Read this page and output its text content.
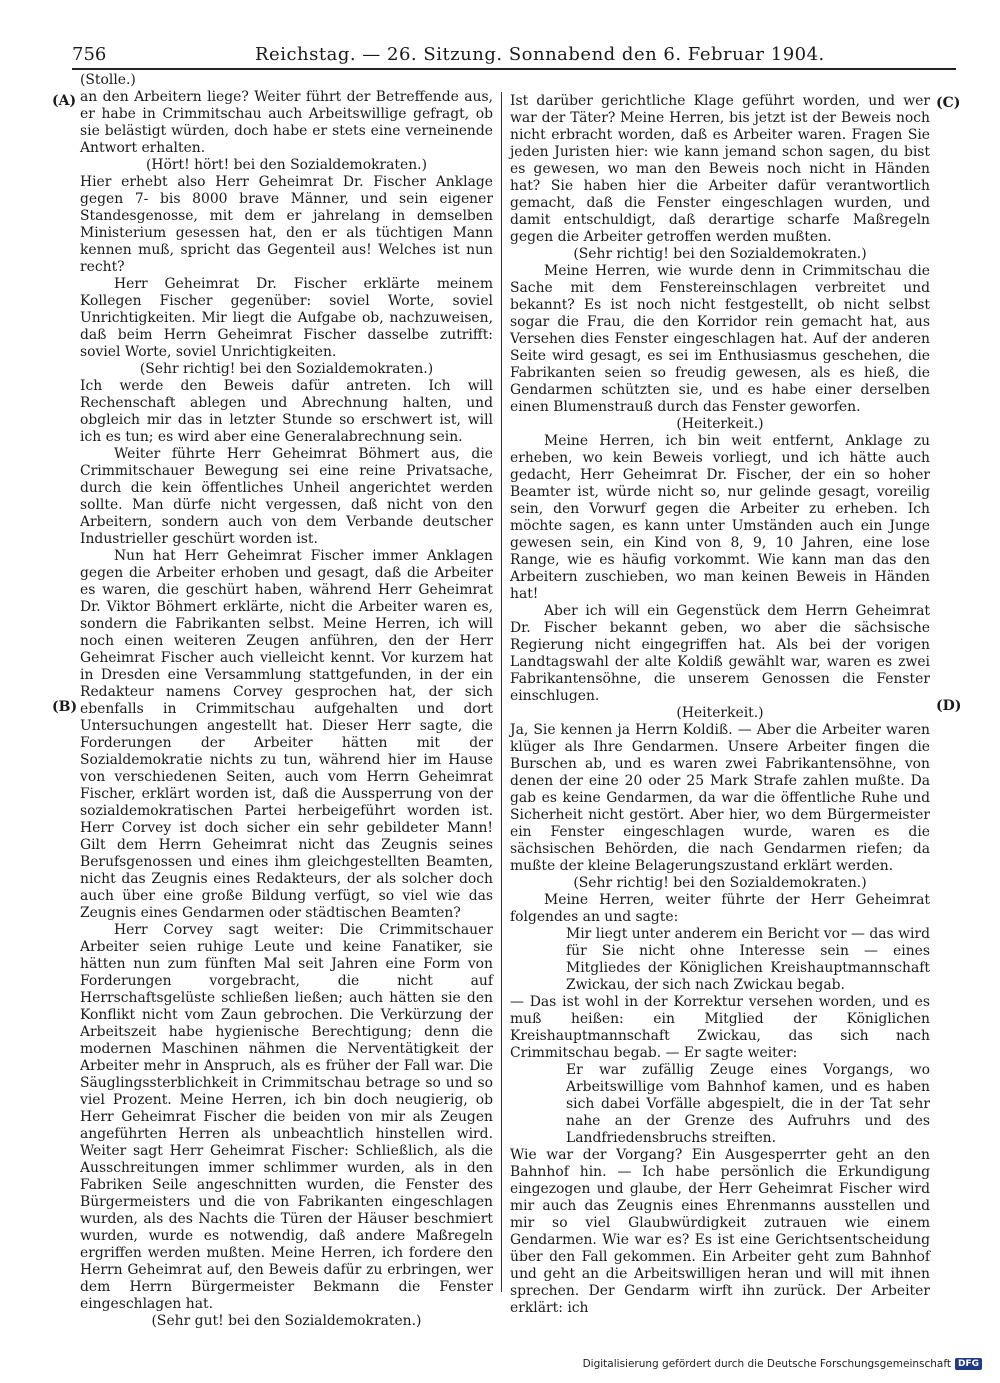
756	Reichstag. — 26. Sitzung. Sonnabend den 6. Februar 1904.
(A)
(B)
(C)
(D)

(Stolle.)

an den Arbeitern liege? Weiter führt der Betreffende aus, er habe in Crimmitschau auch Arbeitswillige gefragt, ob sie belästigt würden, doch habe er stets eine verneinende Antwort erhalten.

(Hört! hört! bei den Sozialdemokraten.)

Hier erhebt also Herr Geheimrat Dr. Fischer Anklage gegen 7- bis 8000 brave Männer, und sein eigener Standesgenosse, mit dem er jahrelang in demselben Ministerium gesessen hat, den er als tüchtigen Mann kennen muß, spricht das Gegenteil aus! Welches ist nun recht?

Herr Geheimrat Dr. Fischer erklärte meinem Kollegen Fischer gegenüber: soviel Worte, soviel Unrichtigkeiten. Mir liegt die Aufgabe ob, nachzuweisen, daß beim Herrn Geheimrat Fischer dasselbe zutrifft: soviel Worte, soviel Unrichtigkeiten.

(Sehr richtig! bei den Sozialdemokraten.)

Ich werde den Beweis dafür antreten. Ich will Rechenschaft ablegen und Abrechnung halten, und obgleich mir das in letzter Stunde so erschwert ist, will ich es tun; es wird aber eine Generalabrechnung sein.

Weiter führte Herr Geheimrat Böhmert aus, die Crimmitschauer Bewegung sei eine reine Privatsache, durch die kein öffentliches Unheil angerichtet werden sollte. Man dürfe nicht vergessen, daß nicht von den Arbeitern, sondern auch von dem Verbande deutscher Industrieller geschürt worden ist.

Nun hat Herr Geheimrat Fischer immer Anklagen gegen die Arbeiter erhoben und gesagt, daß die Arbeiter es waren, die geschürt haben, während Herr Geheimrat Dr. Viktor Böhmert erklärte, nicht die Arbeiter waren es, sondern die Fabrikanten selbst. Meine Herren, ich will noch einen weiteren Zeugen anführen, den der Herr Geheimrat Fischer auch vielleicht kennt. Vor kurzem hat in Dresden eine Versammlung stattgefunden, in der ein Redakteur namens Corvey gesprochen hat, der sich ebenfalls in Crimmitschau aufgehalten und dort Untersuchungen angestellt hat. Dieser Herr sagte, die Forderungen der Arbeiter hätten mit der Sozialdemokratie nichts zu tun, während hier im Hause von verschiedenen Seiten, auch vom Herrn Geheimrat Fischer, erklärt worden ist, daß die Aussperrung von der sozialdemokratischen Partei herbeigeführt worden ist. Herr Corvey ist doch sicher ein sehr gebildeter Mann! Gilt dem Herrn Geheimrat nicht das Zeugnis seines Berufsgenossen und eines ihm gleichgestellten Beamten, nicht das Zeugnis eines Redakteurs, der als solcher doch auch über eine große Bildung verfügt, so viel wie das Zeugnis eines Gendarmen oder städtischen Beamten?

Herr Corvey sagt weiter: Die Crimmitschauer Arbeiter seien ruhige Leute und keine Fanatiker, sie hätten nun zum fünften Mal seit Jahren eine Form von Forderungen vorgebracht, die nicht auf Herrschaftsgelüste schließen ließen; auch hätten sie den Konflikt nicht vom Zaun gebrochen. Die Verkürzung der Arbeitszeit habe hygienische Berechtigung; denn die modernen Maschinen nähmen die Nerventätigkeit der Arbeiter mehr in Anspruch, als es früher der Fall war. Die Säuglingssterblichkeit in Crimmitschau betrage so und so viel Prozent. Meine Herren, ich bin doch neugierig, ob Herr Geheimrat Fischer die beiden von mir als Zeugen angeführten Herren als unbeachtlich hinstellen wird. Weiter sagt Herr Geheimrat Fischer: Schließlich, als die Ausschreitungen immer schlimmer wurden, als in den Fabriken Seile angeschnitten wurden, die Fenster des Bürgermeisters und die von Fabrikanten eingeschlagen wurden, als des Nachts die Türen der Häuser beschmiert wurden, wurde es notwendig, daß andere Maßregeln ergriffen werden mußten. Meine Herren, ich fordere den Herrn Geheimrat auf, den Beweis dafür zu erbringen, wer dem Herrn Bürgermeister Bekmann die Fenster eingeschlagen hat.

(Sehr gut! bei den Sozialdemokraten.)

Ist darüber gerichtliche Klage geführt worden, und wer war der Täter? Meine Herren, bis jetzt ist der Beweis noch nicht erbracht worden, daß es Arbeiter waren. Fragen Sie jeden Juristen hier: wie kann jemand schon sagen, du bist es gewesen, wo man den Beweis noch nicht in Händen hat? Sie haben hier die Arbeiter dafür verantwortlich gemacht, daß die Fenster eingeschlagen wurden, und damit entschuldigt, daß derartige scharfe Maßregeln gegen die Arbeiter getroffen werden mußten.

(Sehr richtig! bei den Sozialdemokraten.)

Meine Herren, wie wurde denn in Crimmitschau die Sache mit dem Fenstereinschlagen verbreitet und bekannt? Es ist noch nicht festgestellt, ob nicht selbst sogar die Frau, die den Korridor rein gemacht hat, aus Versehen dies Fenster eingeschlagen hat. Auf der anderen Seite wird gesagt, es sei im Enthusiasmus geschehen, die Fabrikanten seien so freudig gewesen, als es hieß, die Gendarmen schützten sie, und es habe einer derselben einen Blumenstrauß durch das Fenster geworfen.

(Heiterkeit.)

Meine Herren, ich bin weit entfernt, Anklage zu erheben, wo kein Beweis vorliegt, und ich hätte auch gedacht, Herr Geheimrat Dr. Fischer, der ein so hoher Beamter ist, würde nicht so, nur gelinde gesagt, voreilig sein, den Vorwurf gegen die Arbeiter zu erheben. Ich möchte sagen, es kann unter Umständen auch ein Junge gewesen sein, ein Kind von 8, 9, 10 Jahren, eine lose Range, wie es häufig vorkommt. Wie kann man das den Arbeitern zuschieben, wo man keinen Beweis in Händen hat!

Aber ich will ein Gegenstück dem Herrn Geheimrat Dr. Fischer bekannt geben, wo aber die sächsische Regierung nicht eingegriffen hat. Als bei der vorigen Landtagswahl der alte Koldiß gewählt war, waren es zwei Fabrikantensöhne, die unserem Genossen die Fenster einschlugen.

(Heiterkeit.)

Ja, Sie kennen ja Herrn Koldiß. — Aber die Arbeiter waren klüger als Ihre Gendarmen. Unsere Arbeiter fingen die Burschen ab, und es waren zwei Fabrikantensöhne, von denen der eine 20 oder 25 Mark Strafe zahlen mußte. Da gab es keine Gendarmen, da war die öffentliche Ruhe und Sicherheit nicht gestört. Aber hier, wo dem Bürgermeister ein Fenster eingeschlagen wurde, waren es die sächsischen Behörden, die nach Gendarmen riefen; da mußte der kleine Belagerungszustand erklärt werden.

(Sehr richtig! bei den Sozialdemokraten.)

Meine Herren, weiter führte der Herr Geheimrat folgendes an und sagte:

Mir liegt unter anderem ein Bericht vor — das wird für Sie nicht ohne Interesse sein — eines Mitgliedes der Königlichen Kreishauptmannschaft Zwickau, der sich nach Zwickau begab.

— Das ist wohl in der Korrektur versehen worden, und es muß heißen: ein Mitglied der Königlichen Kreishauptmannschaft Zwickau, das sich nach Crimmitschau begab. — Er sagte weiter:

Er war zufällig Zeuge eines Vorgangs, wo Arbeitswillige vom Bahnhof kamen, und es haben sich dabei Vorfälle abgespielt, die in der Tat sehr nahe an der Grenze des Aufruhrs und des Landfriedensbruchs streiften.

Wie war der Vorgang? Ein Ausgesperrter geht an den Bahnhof hin. — Ich habe persönlich die Erkundigung eingezogen und glaube, der Herr Geheimrat Fischer wird mir auch das Zeugnis eines Ehrenmanns ausstellen und mir so viel Glaubwürdigkeit zutrauen wie einem Gendarmen. Wie war es? Es ist eine Gerichtsentscheidung über den Fall gekommen. Ein Arbeiter geht zum Bahnhof und geht an die Arbeitswilligen heran und will mit ihnen sprechen. Der Gendarm wirft ihn zurück. Der Arbeiter erklärt: ich

Digitalisierung gefördert durch die Deutsche Forschungsgemeinschaft DFG
